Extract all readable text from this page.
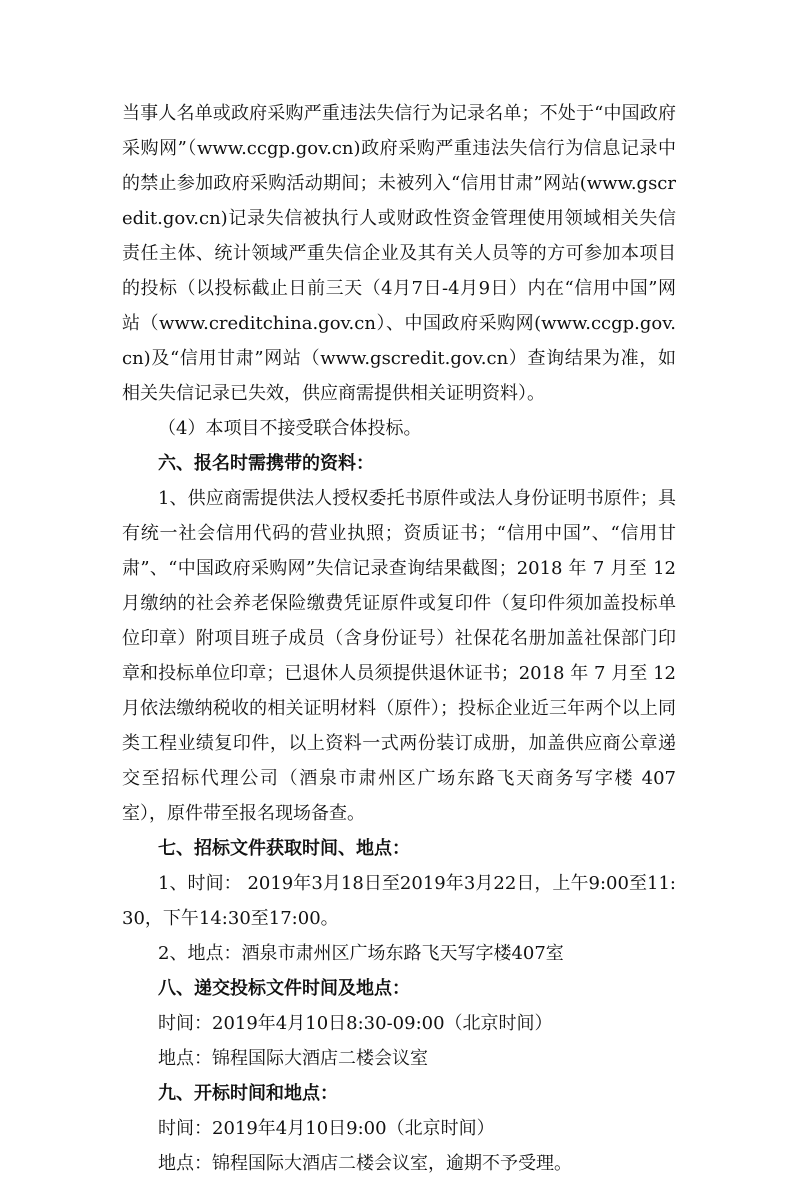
当事人名单或政府采购严重违法失信行为记录名单；不处于“中国政府采购网”（www.ccgp.gov.cn)政府采购严重违法失信行为信息记录中的禁止参加政府采购活动期间；未被列入“信用甘肃”网站(www.gscredit.gov.cn)记录失信被执行人或财政性资金管理使用领域相关失信责任主体、统计领域严重失信企业及其有关人员等的方可参加本项目的投标（以投标截止日前三天（4月7日-4月9日）内在“信用中国”网站（www.creditchina.gov.cn）、中国政府采购网(www.ccgp.gov.cn)及“信用甘肃”网站（www.gscredit.gov.cn）查询结果为准，如相关失信记录已失效，供应商需提供相关证明资料）。

（4）本项目不接受联合体投标。

六、报名时需携带的资料：

1、供应商需提供法人授权委托书原件或法人身份证明书原件；具有统一社会信用代码的营业执照；资质证书；“信用中国”、“信用甘肃”、“中国政府采购网”失信记录查询结果截图；2018 年 7 月至 12 月缴纳的社会养老保险缴费凭证原件或复印件（复印件须加盖投标单位印章）附项目班子成员（含身份证号）社保花名册加盖社保部门印章和投标单位印章；已退休人员须提供退休证书；2018 年 7 月至 12 月依法缴纳税收的相关证明材料（原件）；投标企业近三年两个以上同类工程业绩复印件，以上资料一式两份装订成册，加盖供应商公章递交至招标代理公司（酒泉市肃州区广场东路飞天商务写字楼 407 室），原件带至报名现场备查。

七、招标文件获取时间、地点：

1、时间： 2019年3月18日至2019年3月22日，上午9:00至11:30，下午14:30至17:00。

2、地点：酒泉市肃州区广场东路飞天写字楼407室

八、递交投标文件时间及地点：

时间：2019年4月10日8:30-09:00（北京时间）

地点：锦程国际大酒店二楼会议室

九、开标时间和地点：

时间：2019年4月10日9:00（北京时间）

地点：锦程国际大酒店二楼会议室，逾期不予受理。
